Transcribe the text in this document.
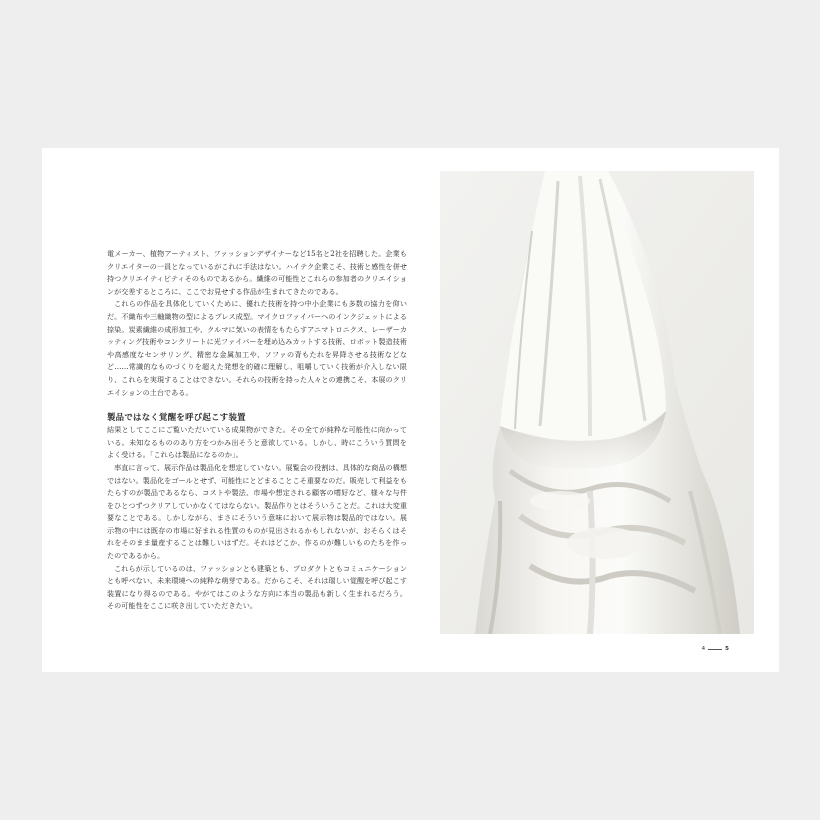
電メーカー、植物アーティスト、ファッションデザイナーなど15名と2社を招聘した。企業もクリエイターの一員となっているがこれに手法はない。ハイテク企業こそ、技術と感性を併せ持つクリエイティビティそのものであるから。繊維の可能性とこれらの参加者のクリエイションが交差するところに、ここでお見せする作品が生まれてきたのである。

これらの作品を具体化していくために、優れた技術を持つ中小企業にも多数の協力を仰いだ。不織布や三軸織物の型によるプレス成型。マイクロファイバーへのインクジェットによる捺染。炭素繊維の成形加工や、クルマに気いの表情をもたらすアニマトロニクス、レーザーカッティング技術やコンクリートに光ファイバーを埋め込みカットする技術、ロボット製造技術や高感度なセンサリング、精密な金属加工や、ソファの背もたれを昇降させる技術などなど……常識的なものづくりを超えた発想を的確に理解し、咀嚼していく技術が介入しない限り、これらを実現することはできない。それらの技術を持った人々との連携こそ、本展のクリエイションの土台である。

製品ではなく覚醒を呼び起こす装置

結果としてここにご覧いただいている成果物ができた。その全てが純粋な可能性に向かっている。未知なるもののあり方をつかみ出そうと意欲している。しかし、時にこういう質問をよく受ける。「これらは製品になるのか」。

率直に言って、展示作品は製品化を想定していない。展覧会の役割は、具体的な商品の構想ではない。製品化をゴールとせず、可能性にとどまることこそ重要なのだ。販売して利益をもたらすのが製品であるなら、コストや製法、市場や想定される顧客の嗜好など、様々な与件をひとつずつクリアしていかなくてはならない。製品作りとはそういうことだ。これは大変重要なことである。しかしながら、まさにそういう意味において展示物は製品的ではない。展示物の中には既存の市場に好まれる性質のものが見出されるかもしれないが、おそらくはそれをそのまま量産することは難しいはずだ。それはどこか、作るのが難しいものたちを作ったのであるから。

これらが示しているのは、ファッションとも建築とも、プロダクトともコミュニケーションとも呼べない、未来環境への純粋な萌芽である。だからこそ、それは瑞しい覚醒を呼び起こす装置になり得るのである。やがてはこのような方向に本当の製品も新しく生まれるだろう。その可能性をここに咲き出していただきたい。

4	5
